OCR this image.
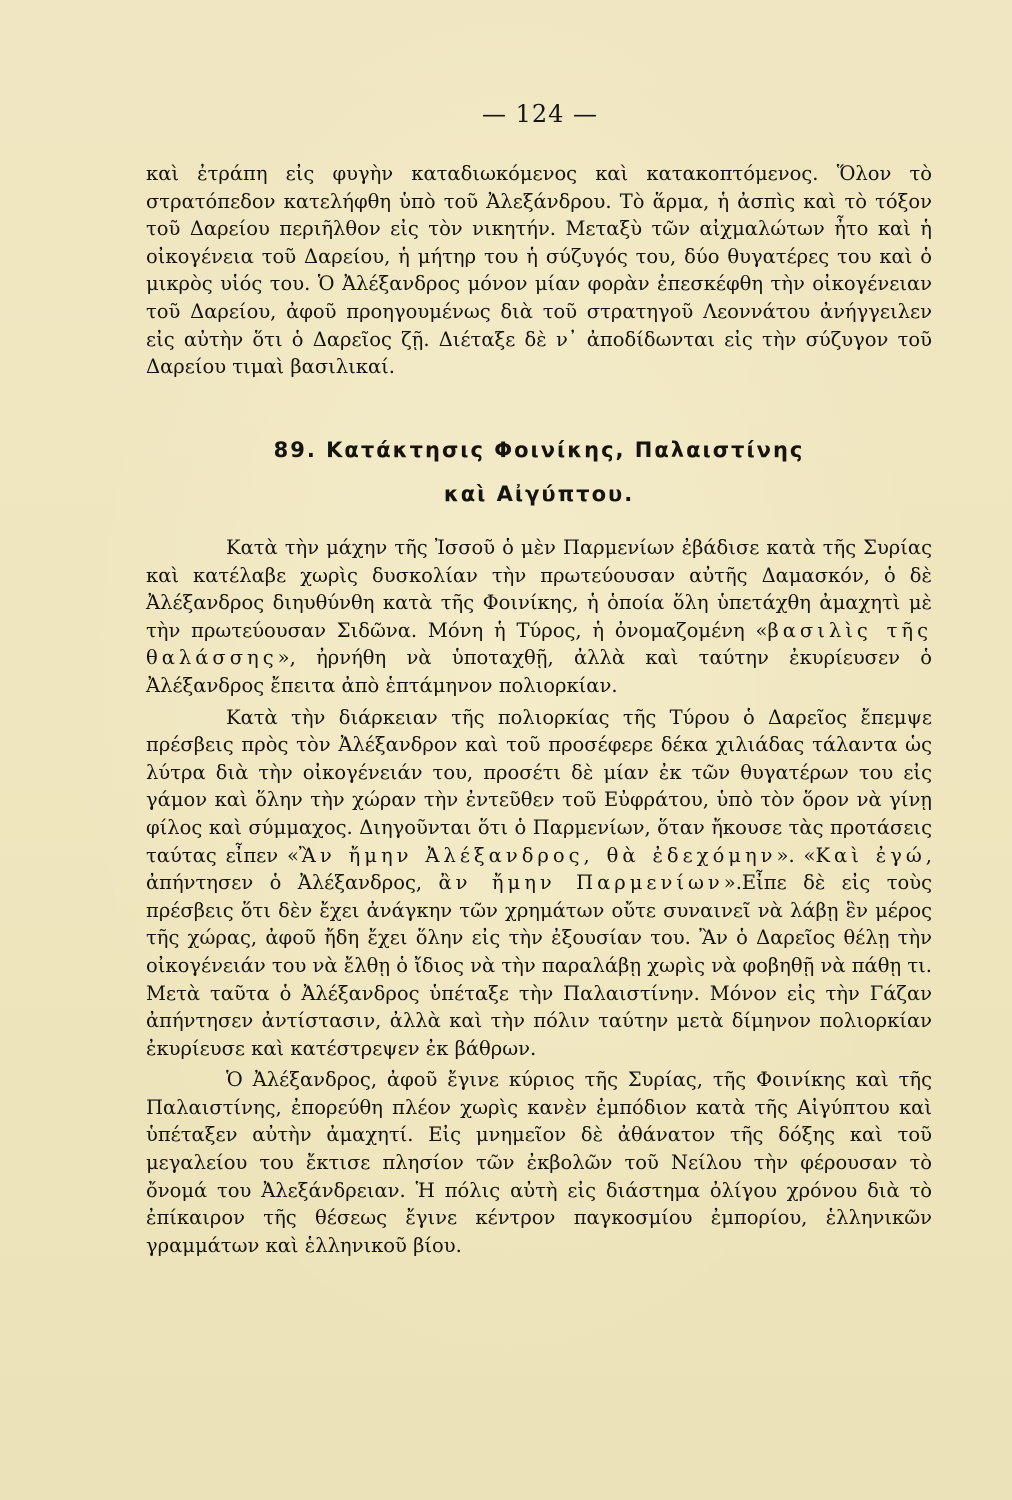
— 124 —

καὶ ἐτράπη εἰς φυγὴν καταδιωκόμενος καὶ κατακοπτόμενος. Ὅλον τὸ στρατόπεδον κατελήφθη ὑπὸ τοῦ Ἀλεξάνδρου. Τὸ ἅρμα, ἡ ἀσπὶς καὶ τὸ τόξον τοῦ Δαρείου περιῆλθον εἰς τὸν νικητήν. Μεταξὺ τῶν αἰχμαλώτων ἦτο καὶ ἡ οἰκογένεια τοῦ Δαρείου, ἡ μήτηρ του ἡ σύζυγός του, δύο θυγατέρες του καὶ ὁ μικρὸς υἱός του. Ὁ Ἀλέξανδρος μόνον μίαν φορὰν ἐπεσκέφθη τὴν οἰκογένειαν τοῦ Δαρείου, ἀφοῦ προηγουμένως διὰ τοῦ στρατηγοῦ Λεοννάτου ἀνήγγειλεν εἰς αὐτὴν ὅτι ὁ Δαρεῖος ζῇ. Διέταξε δὲ ν᾽ ἀποδίδωνται εἰς τὴν σύζυγον τοῦ Δαρείου τιμαὶ βασιλικαί.

89. Κατάκτησις Φοινίκης, Παλαιστίνης
καὶ Αἰγύπτου.

Κατὰ τὴν μάχην τῆς Ἰσσοῦ ὁ μὲν Παρμενίων ἐβάδισε κατὰ τῆς Συρίας καὶ κατέλαβε χωρὶς δυσκολίαν τὴν πρωτεύουσαν αὐτῆς Δαμασκόν, ὁ δὲ Ἀλέξανδρος διηυθύνθη κατὰ τῆς Φοινίκης, ἡ ὁποία ὅλη ὑπετάχθη ἀμαχητὶ μὲ τὴν πρωτεύουσαν Σιδῶνα. Μόνη ἡ Τύρος, ἡ ὀνομαζομένη «βασιλὶς τῆς θαλάσσης», ἠρνήθη νὰ ὑποταχθῇ, ἀλλὰ καὶ ταύτην ἐκυρίευσεν ὁ Ἀλέξανδρος ἔπειτα ἀπὸ ἑπτάμηνον πολιορκίαν.

Κατὰ τὴν διάρκειαν τῆς πολιορκίας τῆς Τύρου ὁ Δαρεῖος ἔπεμψε πρέσβεις πρὸς τὸν Ἀλέξανδρον καὶ τοῦ προσέφερε δέκα χιλιάδας τάλαντα ὡς λύτρα διὰ τὴν οἰκογένειάν του, προσέτι δὲ μίαν ἐκ τῶν θυγατέρων του εἰς γάμον καὶ ὅλην τὴν χώραν τὴν ἐντεῦθεν τοῦ Εὐφράτου, ὑπὸ τὸν ὅρον νὰ γίνῃ φίλος καὶ σύμμαχος. Διηγοῦνται ὅτι ὁ Παρμενίων, ὅταν ἤκουσε τὰς προτάσεις ταύτας εἶπεν «Ἂν ἤμην Ἀλέξανδρος, θὰ ἐδεχόμην». «Καὶ ἐγώ, ἀπήντησεν ὁ Ἀλέξανδρος, ἂν ἤμην Παρμενίων».Εἶπε δὲ εἰς τοὺς πρέσβεις ὅτι δὲν ἔχει ἀνάγκην τῶν χρημάτων οὔτε συναινεῖ νὰ λάβῃ ἓν μέρος τῆς χώρας, ἀφοῦ ἤδη ἔχει ὅλην εἰς τὴν ἐξουσίαν του. Ἂν ὁ Δαρεῖος θέλῃ τὴν οἰκογένειάν του νὰ ἔλθῃ ὁ ἴδιος νὰ τὴν παραλάβῃ χωρὶς νὰ φοβηθῇ νὰ πάθῃ τι. Μετὰ ταῦτα ὁ Ἀλέξανδρος ὑπέταξε τὴν Παλαιστίνην. Μόνον εἰς τὴν Γάζαν ἀπήντησεν ἀντίστασιν, ἀλλὰ καὶ τὴν πόλιν ταύτην μετὰ δίμηνον πολιορκίαν ἐκυρίευσε καὶ κατέστρεψεν ἐκ βάθρων.

Ὁ Ἀλέξανδρος, ἀφοῦ ἔγινε κύριος τῆς Συρίας, τῆς Φοινίκης καὶ τῆς Παλαιστίνης, ἐπορεύθη πλέον χωρὶς κανὲν ἐμπόδιον κατὰ τῆς Αἰγύπτου καὶ ὑπέταξεν αὐτὴν ἀμαχητί. Εἰς μνημεῖον δὲ ἀθάνατον τῆς δόξης καὶ τοῦ μεγαλείου του ἔκτισε πλησίον τῶν ἐκβολῶν τοῦ Νείλου τὴν φέρουσαν τὸ ὄνομά του Ἀλεξάνδρειαν. Ἡ πόλις αὐτὴ εἰς διάστημα ὀλίγου χρόνου διὰ τὸ ἐπίκαιρον τῆς θέσεως ἔγινε κέντρον παγκοσμίου ἐμπορίου, ἑλληνικῶν γραμμάτων καὶ ἑλληνικοῦ βίου.
